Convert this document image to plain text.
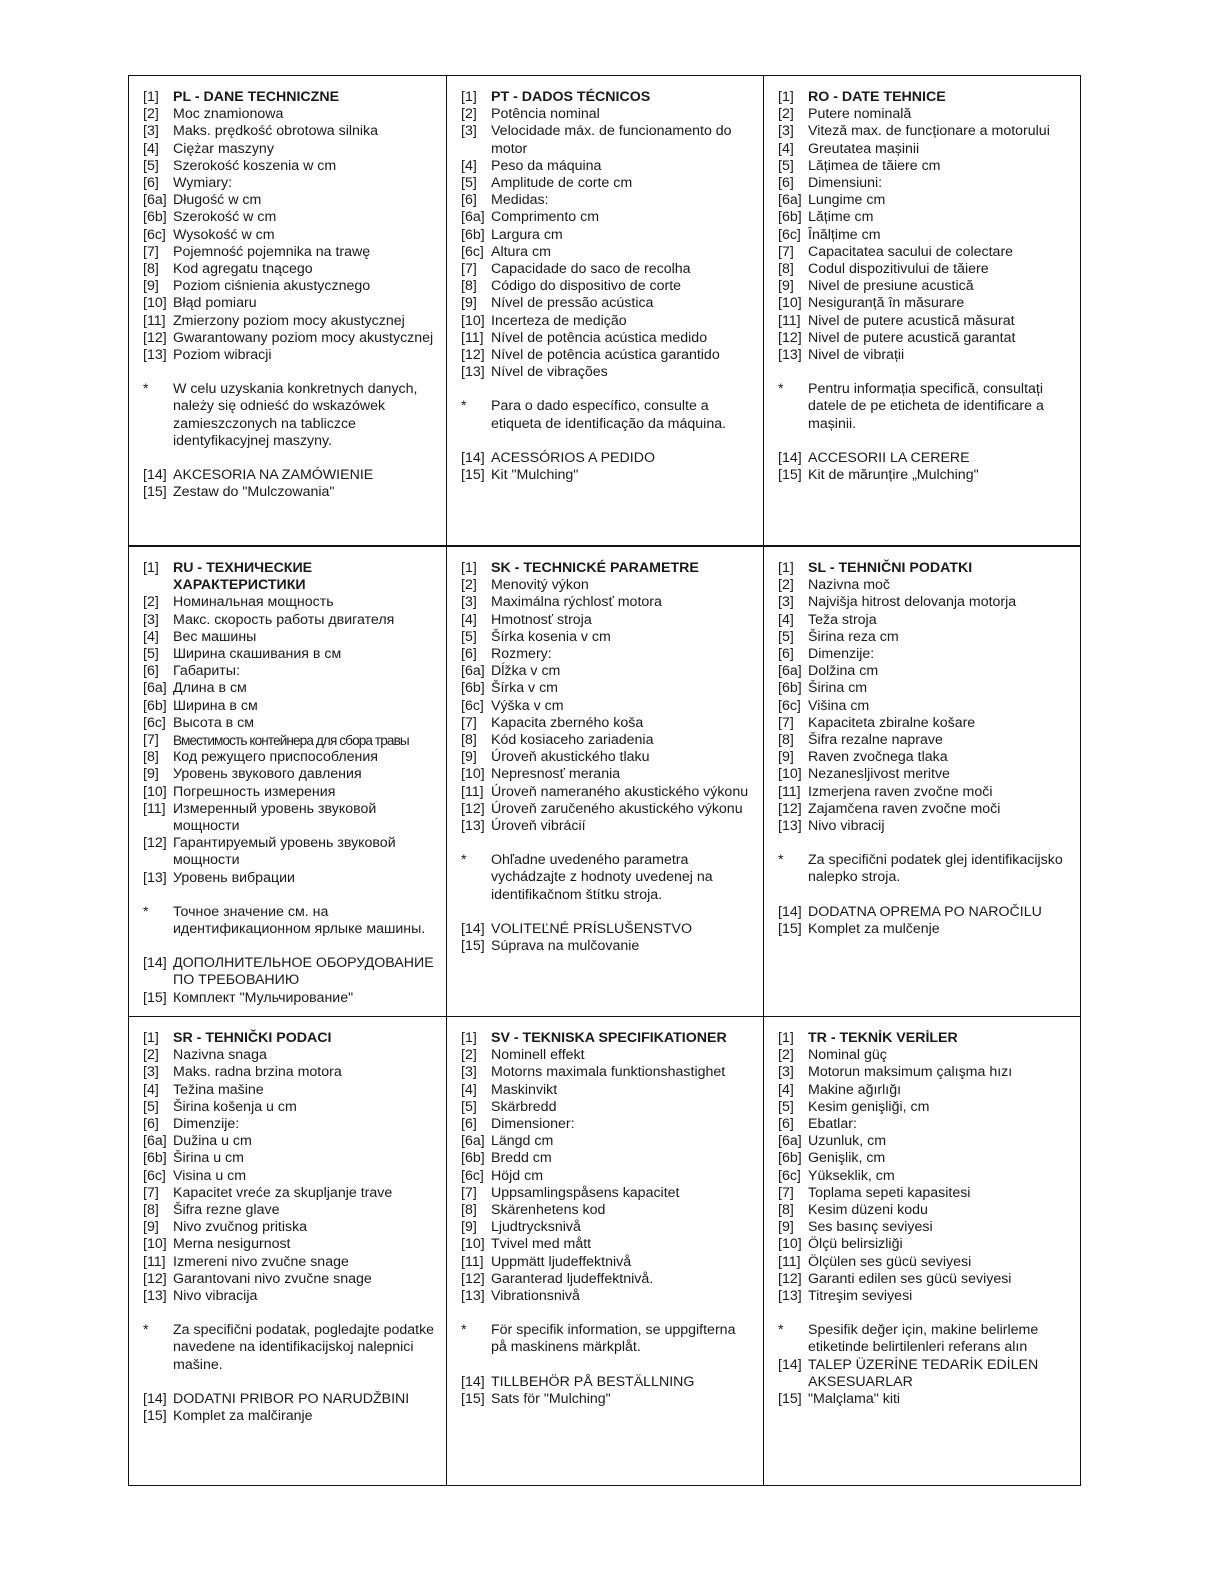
[1]	PL - DANE TECHNICZNE
[2]	Moc znamionowa
[3]	Maks. prędkość obrotowa silnika
[4]	Ciężar maszyny
[5]	Szerokość koszenia w cm
[6]	Wymiary:
[6a] Długość w cm
[6b] Szerokość w cm
[6c] Wysokość w cm
[7]	Pojemność pojemnika na trawę
[8]	Kod agregatu tnącego
[9]	Poziom ciśnienia akustycznego
[10] Błąd pomiaru
[11] Zmierzony poziom mocy akustycznej
[12] Gwarantowany poziom mocy akustycznej
[13] Poziom wibracji
* W celu uzyskania konkretnych danych, należy się odnieść do wskazówek zamieszczonych na tabliczce identyfikacyjnej maszyny.
[14] AKCESORIA NA ZAMÓWIENIE
[15] Zestaw do "Mulczowania"
[1]	PT - DADOS TÉCNICOS
[2]	Potência nominal
[3]	Velocidade máx. de funcionamento do motor
[4]	Peso da máquina
[5]	Amplitude de corte cm
[6]	Medidas:
[6a] Comprimento cm
[6b] Largura cm
[6c] Altura cm
[7]	Capacidade do saco de recolha
[8]	Código do dispositivo de corte
[9]	Nível de pressão acústica
[10] Incerteza de medição
[11] Nível de potência acústica medido
[12] Nível de potência acústica garantido
[13] Nível de vibrações
* Para o dado específico, consulte a etiqueta de identificação da máquina.
[14] ACESSÓRIOS A PEDIDO
[15] Kit "Mulching"
[1]	RO - DATE TEHNICE
[2]	Putere nominală
[3]	Viteză max. de funcționare a motorului
[4]	Greutatea mașinii
[5]	Lățimea de tăiere cm
[6]	Dimensiuni:
[6a] Lungime cm
[6b] Lățime cm
[6c] Înălțime cm
[7]	Capacitatea sacului de colectare
[8]	Codul dispozitivului de tăiere
[9]	Nivel de presiune acustică
[10] Nesiguranță în măsurare
[11] Nivel de putere acustică măsurat
[12] Nivel de putere acustică garantat
[13] Nivel de vibrații
* Pentru informația specifică, consultați datele de pe eticheta de identificare a mașinii.
[14] ACCESORII LA CERERE
[15] Kit de mărunțire „Mulching"
[1]	RU - ТЕХНИЧЕСКИЕ ХАРАКТЕРИСТИКИ
[2]	Номинальная мощность
[3]	Макс. скорость работы двигателя
[4]	Вес машины
[5]	Ширина скашивания в см
[6]	Габариты:
[6a] Длина в см
[6b] Ширина в см
[6c] Высота в см
[7]	Вместимость контейнера для сбора травы
[8]	Код режущего приспособления
[9]	Уровень звукового давления
[10] Погрешность измерения
[11] Измеренный уровень звуковой мощности
[12] Гарантируемый уровень звуковой мощности
[13] Уровень вибрации
* Точное значение см. на идентификационном ярлыке машины.
[14] ДОПОЛНИТЕЛЬНОЕ ОБОРУДОВАНИЕ ПО ТРЕБОВАНИЮ
[15] Комплект "Мульчирование"
[1]	SK - TECHNICKÉ PARAMETRE
[2]	Menovitý výkon
[3]	Maximálna rýchlosť motora
[4]	Hmotnosť stroja
[5]	Šírka kosenia v cm
[6]	Rozmery:
[6a] Dĺžka v cm
[6b] Šírka v cm
[6c] Výška v cm
[7]	Kapacita zberného koša
[8]	Kód kosiaceho zariadenia
[9]	Úroveň akustického tlaku
[10] Nepresnosť merania
[11] Úroveň nameraného akustického výkonu
[12] Úroveň zaručeného akustického výkonu
[13] Úroveň vibrácií
* Ohľadne uvedeného parametra vychádzajte z hodnoty uvedenej na identifikačnom štítku stroja.
[14] VOLITEĽNÉ PRÍSLUŠENSTVO
[15] Súprava na mulčovanie
[1]	SL - TEHNIČNI PODATKI
[2]	Nazivna moč
[3]	Najvišja hitrost delovanja motorja
[4]	Teža stroja
[5]	Širina reza cm
[6]	Dimenzije:
[6a] Dolžina cm
[6b] Širina cm
[6c] Višina cm
[7]	Kapaciteta zbiralne košare
[8]	Šifra rezalne naprave
[9]	Raven zvočnega tlaka
[10] Nezanesljivost meritve
[11] Izmerjena raven zvočne moči
[12] Zajamčena raven zvočne moči
[13] Nivo vibracij
* Za specifični podatek glej identifikacijsko nalepko stroja.
[14] DODATNA OPREMA PO NAROČILU
[15] Komplet za mulčenje
[1]	SR - TEHNIČKI PODACI
[2]	Nazivna snaga
[3]	Maks. radna brzina motora
[4]	Težina mašine
[5]	Širina košenja u cm
[6]	Dimenzije:
[6a] Dužina u cm
[6b] Širina u cm
[6c] Visina u cm
[7]	Kapacitet vreće za skupljanje trave
[8]	Šifra rezne glave
[9]	Nivo zvučnog pritiska
[10] Merna nesigurnost
[11] Izmereni nivo zvučne snage
[12] Garantovani nivo zvučne snage
[13] Nivo vibracija
* Za specifični podatak, pogledajte podatke navedene na identifikacijskoj nalepnici mašine.
[14] DODATNI PRIBOR PO NARUDŽBINI
[15] Komplet za malčiranje
[1]	SV - TEKNISKA SPECIFIKATIONER
[2]	Nominell effekt
[3]	Motorns maximala funktionshastighet
[4]	Maskinvikt
[5]	Skärbredd
[6]	Dimensioner:
[6a] Längd cm
[6b] Bredd cm
[6c] Höjd cm
[7]	Uppsamlingspåsens kapacitet
[8]	Skärenhetens kod
[9]	Ljudtrycksnivå
[10] Tvivel med mått
[11] Uppmätt ljudeffektnivå
[12] Garanterad ljudeffektnivå.
[13] Vibrationsnivå
* För specifik information, se uppgifterna på maskinens märkplåt.
[14] TILLBEHÖR PÅ BESTÄLLNING
[15] Sats för "Mulching"
[1]	TR - TEKNİK VERİLER
[2]	Nominal güç
[3]	Motorun maksimum çalışma hızı
[4]	Makine ağırlığı
[5]	Kesim genişliği, cm
[6]	Ebatlar:
[6a] Uzunluk, cm
[6b] Genişlik, cm
[6c] Yükseklik, cm
[7]	Toplama sepeti kapasitesi
[8]	Kesim düzeni kodu
[9]	Ses basınç seviyesi
[10] Ölçü belirsizliği
[11] Ölçülen ses gücü seviyesi
[12] Garanti edilen ses gücü seviyesi
[13] Titreşim seviyesi
* Spesifik değer için, makine belirleme etiketinde belirtilenleri referans alın
[14] TALEP ÜZERİNE TEDARİK EDİLEN AKSESUARLAR
[15] "Malçlama" kiti
